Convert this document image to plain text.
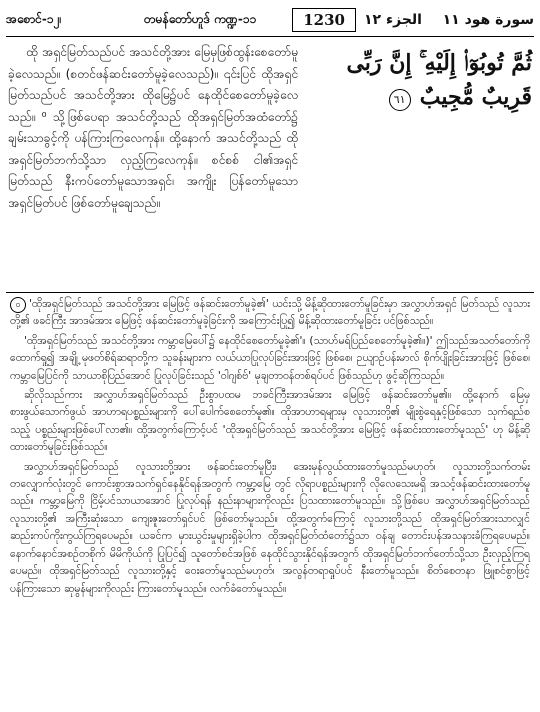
အစောင်-၁၂၊	တမန်တော်ဟူဒ် ကဏ္ဍ-၁၁	1230	سورة هود ١١
الجزء ١٢

ထို အရှင်မြတ်သည်ပင် အသင်တို့အား မြေမှဖြစ်ထွန်းစေတော်မူခဲ့လေသည်။ (စတင်ဖန်ဆင်းတော်မူခဲ့လေသည်)။ ၎င်းပြင် ထိုအရှင်မြတ်သည်ပင် အသင်တို့အား ထိုမြေ၌ပင် နေထိုင်စေတော်မူခဲ့လေသည်။ ⁰ သို့ဖြစ်ပေရာ အသင်တို့သည် ထိုအရှင်မြတ်အထံတော်၌ ချမ်းသာခွင့်ကို ပန်ကြားကြလေကုန်။ ထို့နောက် အသင်တို့သည် ထိုအရှင်မြတ်ဘက်သို့သာ လှည့်ကြလေကုန်။ စင်စစ် ငါ၏အရှင်မြတ်သည် နီးကပ်တော်မူသောအရှင်၊ အကျိုး ပြန်တော်မူသော အရှင်မြတ်ပင် ဖြစ်တော်မူချေသည်။

ثُمَّ تُوبُوٓا۟ إِلَيْهِ ۚ إِنَّ رَبِّى قَرِيبٌ مُّجِيبٌ ٦١

၀ 'ထိုအရှင်မြတ်သည် အသင်တို့အား မြေဖြင့် ဖန်ဆင်းတော်မူခဲ့၏' ယင်းသို့ မိန့်ဆိုထားတော်မူခြင်းမှာ အလွှာဟ်အရှင် မြတ်သည် လူသားတို့၏ ဖခင်ကြီး အာဒမ်အား မြေဖြင့် ဖန်ဆင်းတော်မူခဲ့ခြင်းကို အကြောင်းပြု၍ မိန့်ဆိုထားတော်မူခြင်း ပင်ဖြစ်သည်။

'ထိုအရှင်မြတ်သည် အသင်တို့အား ကမ္ဘာမြေပေါ်၌ နေထိုင်စေတော်မူခဲ့၏'။ (သာဟ်မရ်ပြည်စေတော်မူခဲ့၏။)' ဤသည်အသတ်တော်ကို ထောက်ရှု၍ အချို့ မုဖတ်စိရ်ဆရာတို့က သူခန်းများက လယ်ယာပြုလုပ်ခြင်းအားဖြင့် ဖြစ်စေ၊ ဉယျာဉ်ပန်းမာလ် စိုက်ပျိုးခြင်းအားဖြင့် ဖြစ်စေ၊ ကမ္ဘာမြေပြင်ကို သာယာစိုပြည်အောင် ပြုလုပ်ခြင်းသည် 'ဝါဂျစ်ဗ်' မုချတာဝန်တစ်ရပ်ပင် ဖြစ်သည်ဟု ဖွင့်ဆိုကြသည်။

ဆိုလိုသည်ကား အလွှာဟ်အရှင်မြတ်သည် ဦးစွာပထမ ဘခင်ကြီးအာဒမ်အား မြေဖြင့် ဖန်ဆင်းတော်မူ၏။ ထို့နောက် မြေမှ စားဖွယ်သောက်ဖွယ် အာဟာရပစ္စည်းများကို ပေါ်ပေါက်စေတော်မူ၏။ ထိုအာဟာရများမှ လူသားတို့၏ မျိုးစွဲရေနှင့်ဖြစ်သော သုက်ရည်စသည့် ပစ္စည်းများဖြစ်ပေါ်လာ၏။ ထို့အတွက်ကြောင့်ပင် 'ထိုအရှင်မြတ်သည် အသင်တို့အား မြေဖြင့် ဖန်ဆင်းထားတော်မူသည်' ဟု မိန့်ဆိုထားတော်မူခြင်းဖြစ်သည်။

အလွှာဟ်အရှင်မြတ်သည် လူသားတို့အား ဖန်ဆင်းတော်မူပြီး၊ အေးမုန်လွယ်ထားတော်မူသည်မဟုတ်၊ လူသားတို့သက်တမ်းတလျှောက်လုံးတွင် ကောင်းစွာအသက်ရှင်နေနိုင်ရန်အတွက် ကမ္ဘာ့မြေ တွင် လိုရာပစ္စည်းများကို လိုလေသေးမရှိ အသင့်ဖန်ဆင်းထားတော်မူသည်။ ကမ္ဘာ့မြေကို ငြိမ့်ပင်သာယာအောင် ပြုလုပ်ရန် နည်းနာများကိုလည်း ပြသထားတော်မူသည်။ သို့ဖြစ်ပေ အလွှာဟ်အရှင်မြတ်သည် လူသားတို့၏ အကြီးဆုံးသော ကျေးဇူးတော်ရှင်ပင် ဖြစ်တော်မူသည်။ ထို့အတွက်ကြောင့် လူသားတို့သည် ထိုအရှင်မြတ်အားသာလျှင် ဆည်းကပ်ကိုးကွယ်ကြရပေမည်။ ယခင်က မှားယွင်းမှုများရှိခဲ့ပါက ထိုအရှင်မြတ်ထံတော်၌သာ ဝန်ချ တောင်းပန်အသနားခံကြရပေမည်။ နောက်နောင်အစဉ်တစိုက် မိမိကိုယ်ကို ပြုပြင်၍ သူတော်စင်အဖြစ် နေထိုင်သွားနိုင်ရန်အတွက် ထိုအရှင်မြတ်ဘက်တော်သို့သာ ဦးလှည့်ကြရပေမည်။ ထိုအရှင်မြတ်သည် လူသားတို့နှင့် ဝေးတော်မူသည်မဟုတ်၊ အလွန်တရာရှုပ်ပင် နီးတော်မူသည်။ စိတ်စေတနာ ဖြူစင်စွာဖြင့် ပန်ကြားသော ဆုမွန်များကိုလည်း ကြားတော်မူသည်။ လက်ခံတော်မူသည်။
